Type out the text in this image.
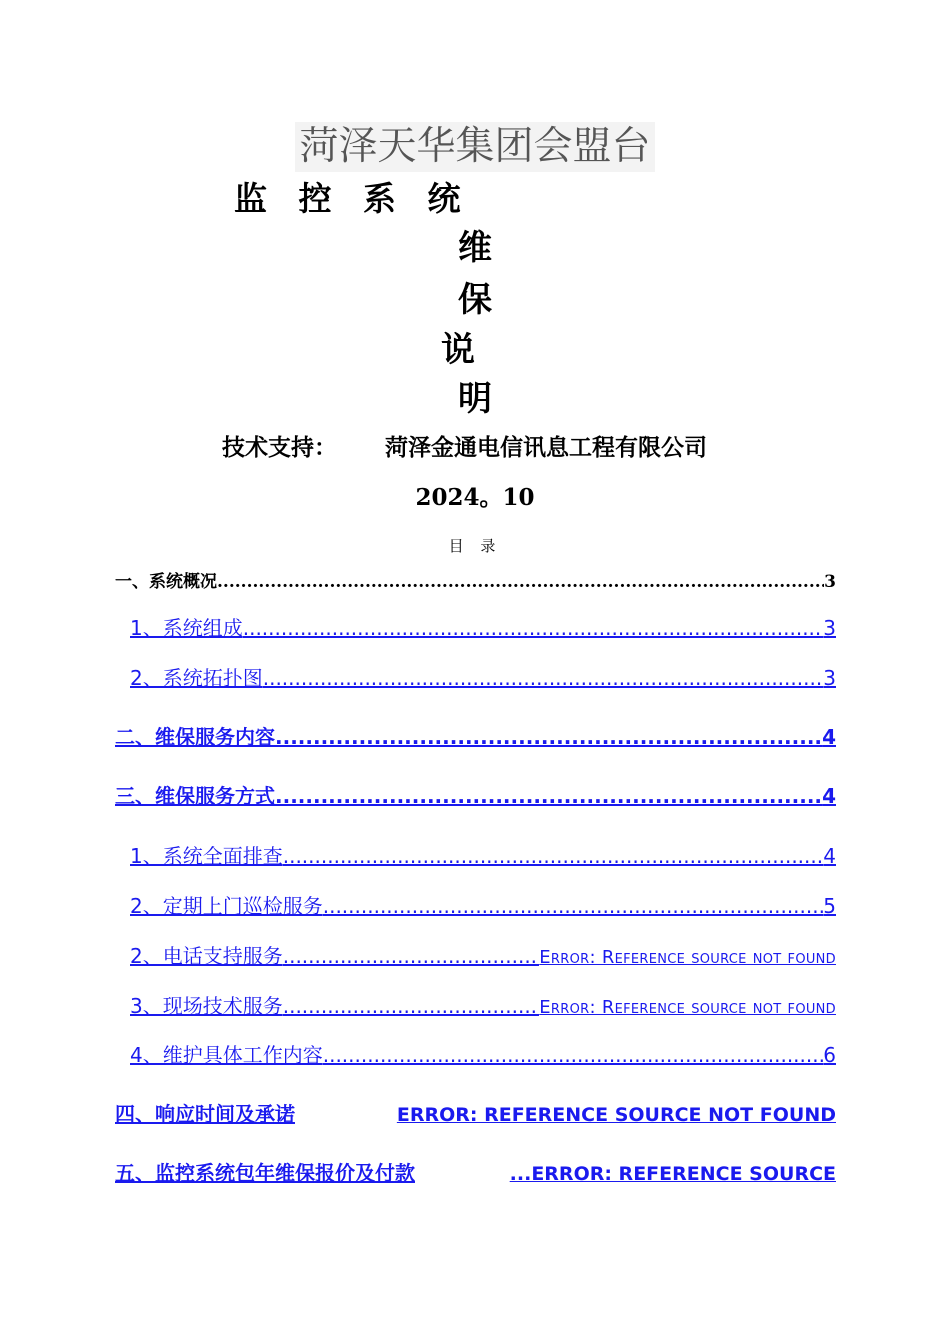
菏泽天华集团会盟台
监 控 系 统
维
保
说
明
技术支持： 菏泽金通电信讯息工程有限公司
2024。10
目 录
一、系统概况 .....	3
1、系统组成 .....	3
2、系统拓扑图 .....	3
二、维保服务内容 .....	4
三、维保服务方式 .....	4
1、系统全面排查 .....	4
2、定期上门巡检服务 .....	5
2、电话支持服务 .....	Error: Reference source not found
3、现场技术服务 .....	Error: Reference source not found
4、维护具体工作内容 .....	6
四、响应时间及承诺	ERROR: REFERENCE SOURCE NOT FOUND
五、监控系统包年维保报价及付款	...ERROR: REFERENCE SOURCE
